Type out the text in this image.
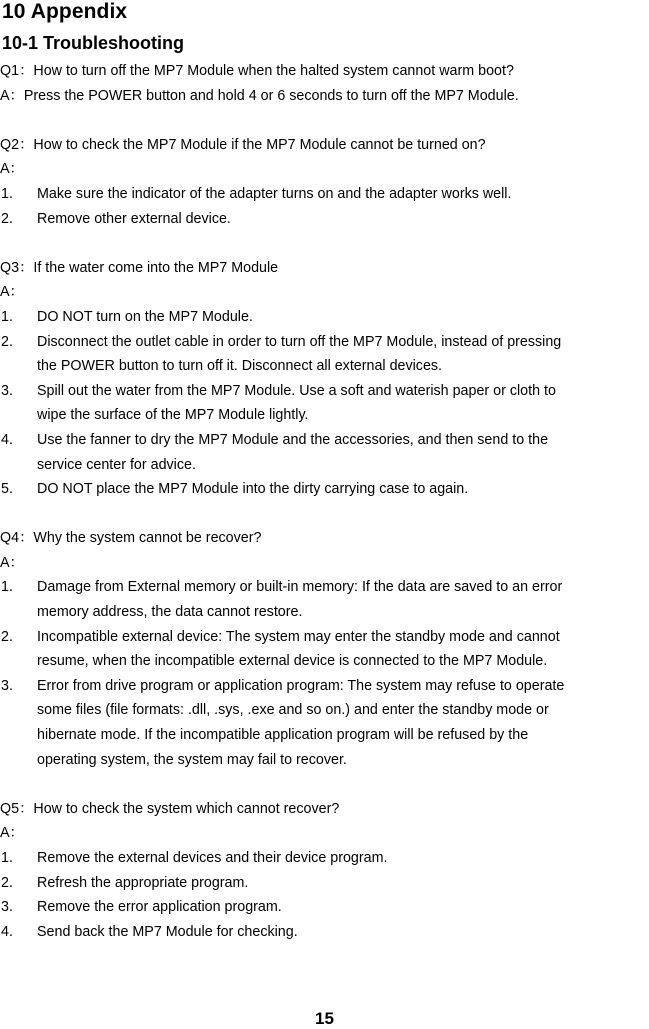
10 Appendix
10-1 Troubleshooting
Q1：How to turn off the MP7 Module when the halted system cannot warm boot?
A：Press the POWER button and hold 4 or 6 seconds to turn off the MP7 Module.
Q2：How to check the MP7 Module if the MP7 Module cannot be turned on?
A：
1. Make sure the indicator of the adapter turns on and the adapter works well.
2. Remove other external device.
Q3：If the water come into the MP7 Module
A：
1. DO NOT turn on the MP7 Module.
2. Disconnect the outlet cable in order to turn off the MP7 Module, instead of pressing
the POWER button to turn off it. Disconnect all external devices.
3. Spill out the water from the MP7 Module. Use a soft and waterish paper or cloth to
wipe the surface of the MP7 Module lightly.
4. Use the fanner to dry the MP7 Module and the accessories, and then send to the
service center for advice.
5. DO NOT place the MP7 Module into the dirty carrying case to again.
Q4：Why the system cannot be recover?
A：
1. Damage from External memory or built-in memory: If the data are saved to an error
memory address, the data cannot restore.
2. Incompatible external device: The system may enter the standby mode and cannot
resume, when the incompatible external device is connected to the MP7 Module.
3. Error from drive program or application program: The system may refuse to operate
some files (file formats: .dll, .sys, .exe and so on.) and enter the standby mode or
hibernate mode. If the incompatible application program will be refused by the
operating system, the system may fail to recover.
Q5：How to check the system which cannot recover?
A：
1. Remove the external devices and their device program.
2. Refresh the appropriate program.
3. Remove the error application program.
4. Send back the MP7 Module for checking.
15
